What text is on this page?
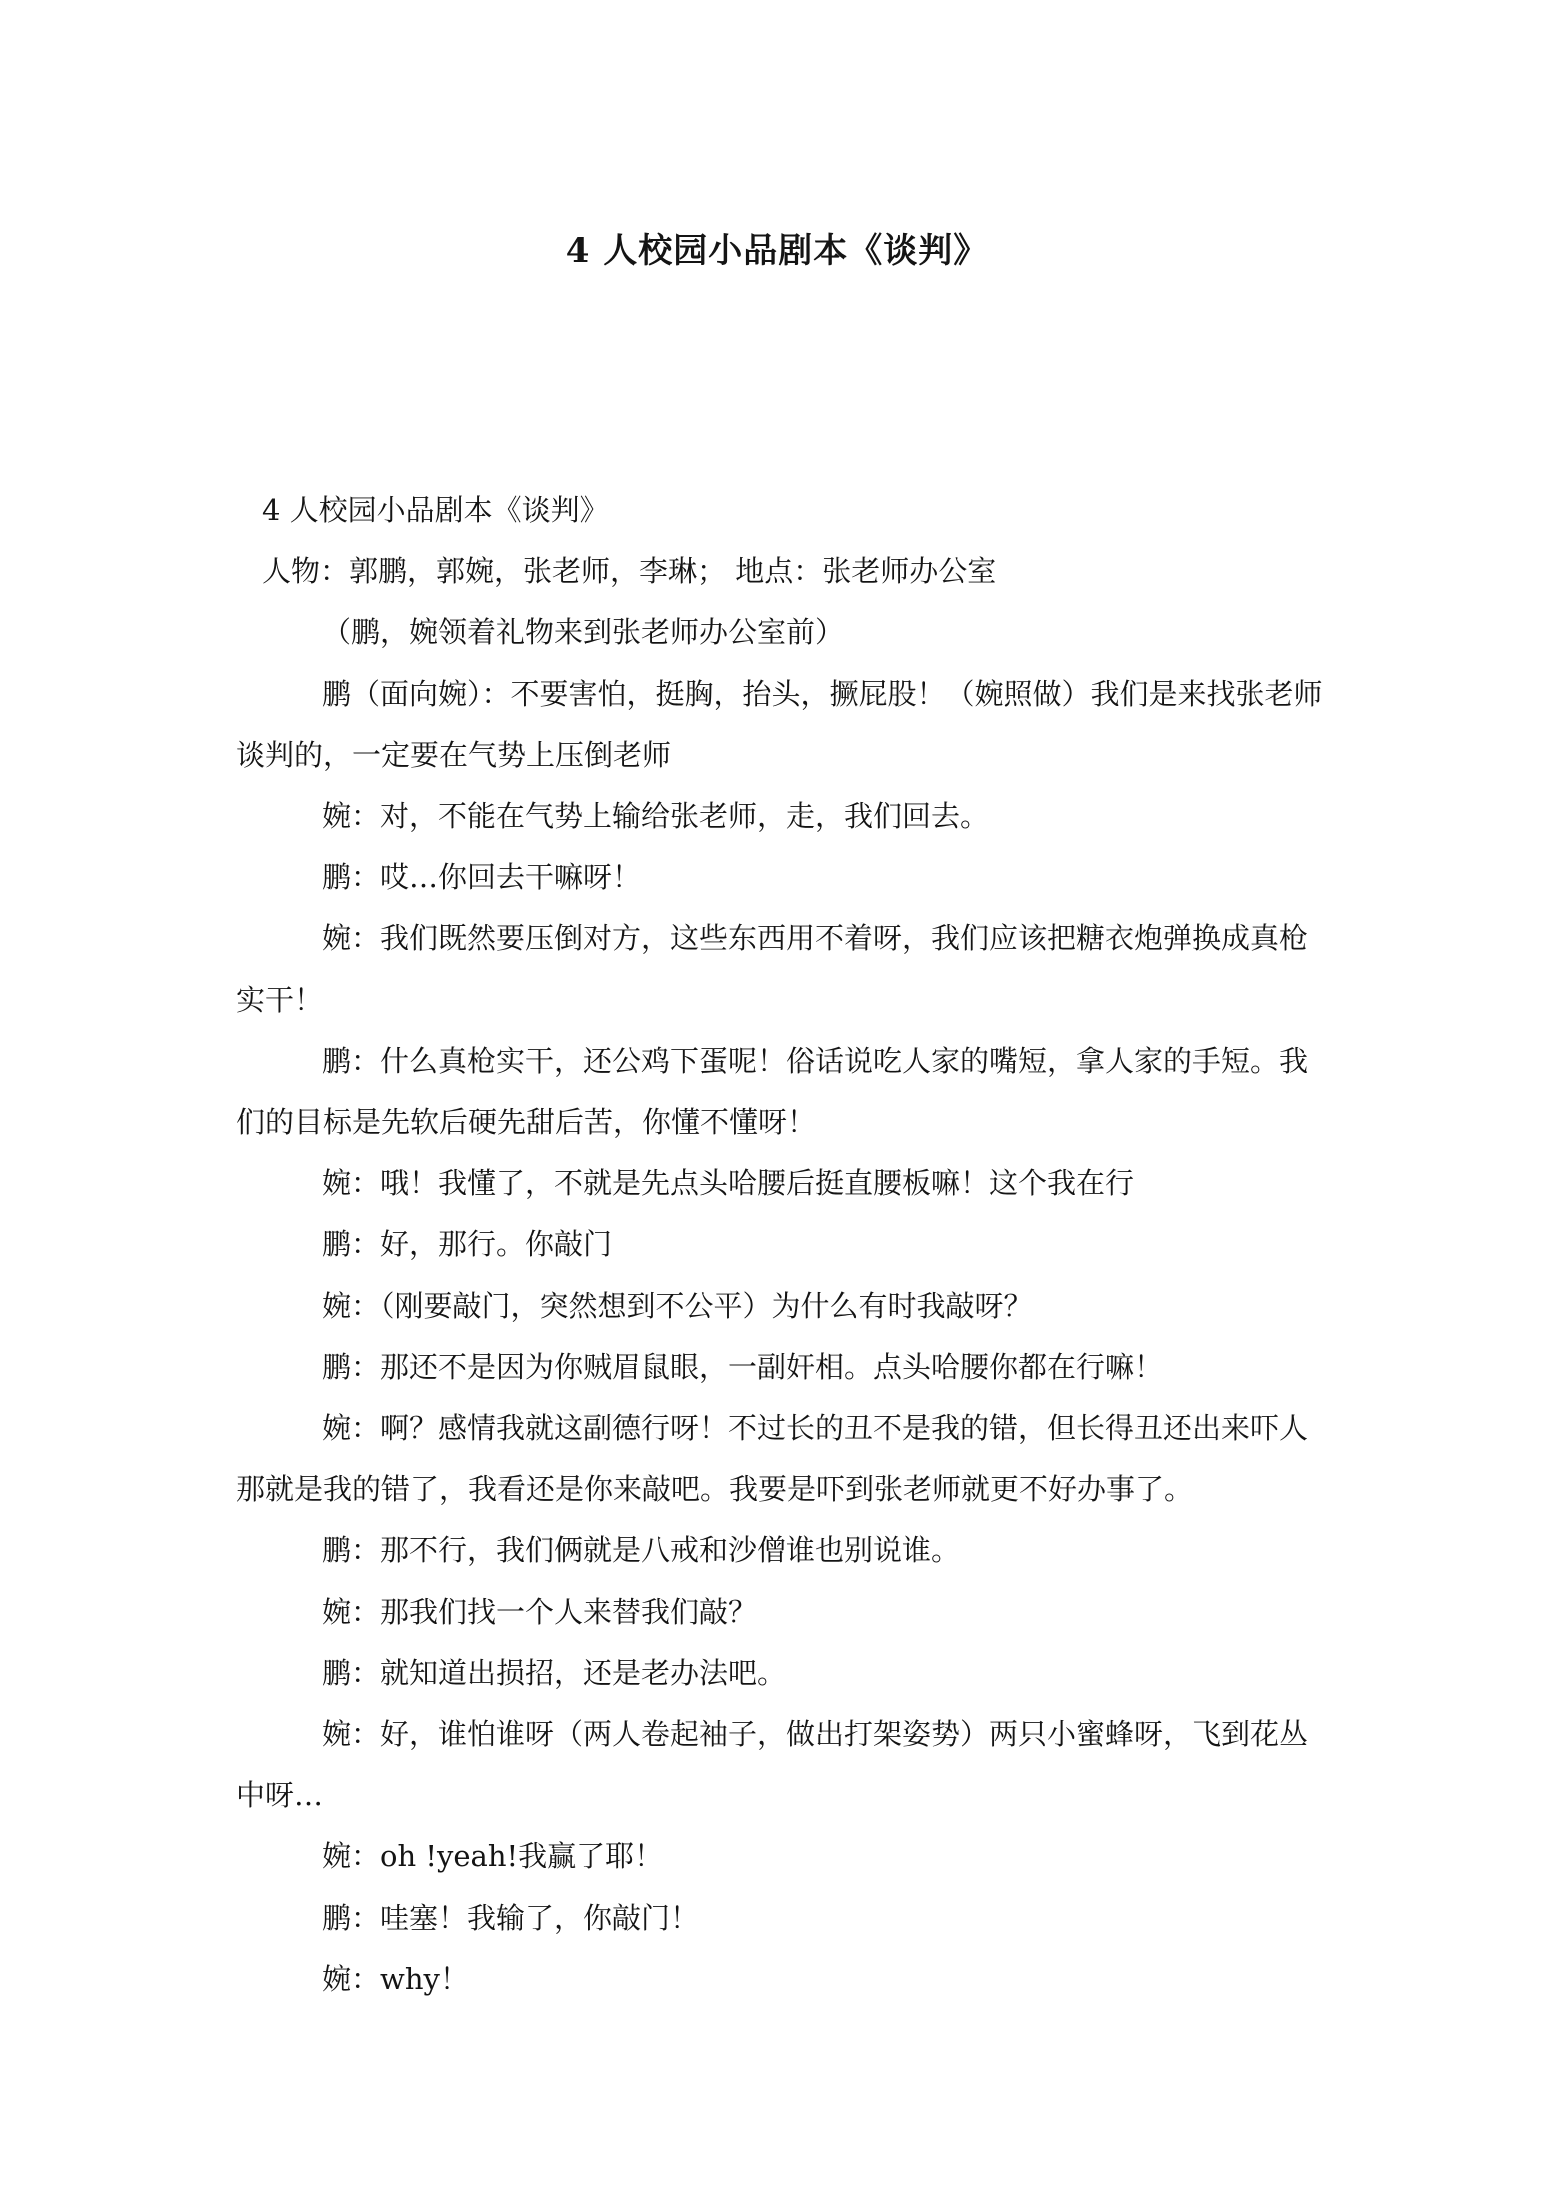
4 人校园小品剧本《谈判》

4 人校园小品剧本《谈判》

人物：郭鹏，郭婉，张老师，李琳； 地点：张老师办公室

（鹏，婉领着礼物来到张老师办公室前）

鹏（面向婉）：不要害怕，挺胸，抬头，撅屁股！（婉照做）我们是来找张老师谈判的，一定要在气势上压倒老师

婉：对，不能在气势上输给张老师，走，我们回去。

鹏：哎…你回去干嘛呀！

婉：我们既然要压倒对方，这些东西用不着呀，我们应该把糖衣炮弹换成真枪实干！

鹏：什么真枪实干，还公鸡下蛋呢！俗话说吃人家的嘴短，拿人家的手短。我们的目标是先软后硬先甜后苦，你懂不懂呀！

婉：哦！我懂了，不就是先点头哈腰后挺直腰板嘛！这个我在行

鹏：好，那行。你敲门

婉：（刚要敲门，突然想到不公平）为什么有时我敲呀？

鹏：那还不是因为你贼眉鼠眼，一副奸相。点头哈腰你都在行嘛！

婉：啊？感情我就这副德行呀！不过长的丑不是我的错，但长得丑还出来吓人那就是我的错了，我看还是你来敲吧。我要是吓到张老师就更不好办事了。

鹏：那不行，我们俩就是八戒和沙僧谁也别说谁。

婉：那我们找一个人来替我们敲？

鹏：就知道出损招，还是老办法吧。

婉：好，谁怕谁呀（两人卷起袖子，做出打架姿势）两只小蜜蜂呀，飞到花丛中呀…

婉：oh !yeah!我赢了耶！

鹏：哇塞！我输了，你敲门！

婉：why！
